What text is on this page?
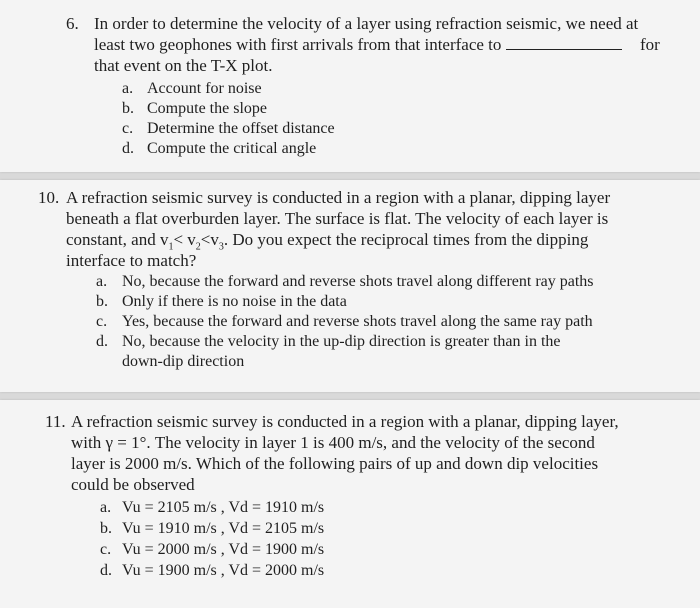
6. In order to determine the velocity of a layer using refraction seismic, we need at
least two geophones with first arrivals from that interface to	for
that event on the T-X plot.
a. Account for noise
b. Compute the slope
c. Determine the offset distance
d. Compute the critical angle
10. A refraction seismic survey is conducted in a region with a planar, dipping layer
beneath a flat overburden layer. The surface is flat. The velocity of each layer is
constant, and $v_1< v_2<v_3$. Do you expect the reciprocal times from the dipping
interface to match?
a. No, because the forward and reverse shots travel along different ray paths
b. Only if there is no noise in the data
c. Yes, because the forward and reverse shots travel along the same ray path
d. No, because the velocity in the up-dip direction is greater than in the
down-dip direction
11. A refraction seismic survey is conducted in a region with a planar, dipping layer,
with γ = 1°. The velocity in layer 1 is 400 m/s, and the velocity of the second
layer is 2000 m/s. Which of the following pairs of up and down dip velocities
could be observed
a. Vu = 2105 m/s , Vd = 1910 m/s
b. Vu = 1910 m/s , Vd = 2105 m/s
c. Vu = 2000 m/s , Vd = 1900 m/s
d. Vu = 1900 m/s , Vd = 2000 m/s
